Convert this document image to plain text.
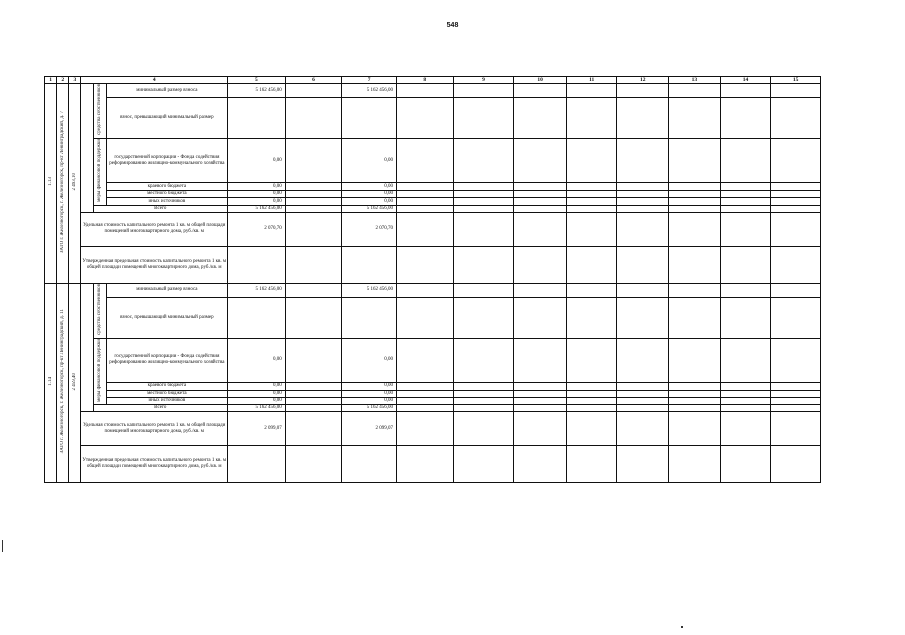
548
1	2	3	4			5	6	7	8	9	10	11	12	13	14	15
1.13	ЗАТО г. Железногорск, г. Железногорск, пр-кт Ленинградский, д. 7	2 493,10		средства собственников	минимальный размер взноса	5 162 456,00		5 162 456,00								
					взнос, превышающий минимальный размер											
				меры финансовой поддержки	государственной корпорации - Фонда содействия реформированию жилищно-коммунального хозяйства	0,00		0,00								
					краевого бюджета	0,00		0,00								
					местного бюджета	0,00		0,00								
					иных источников	0,00		0,00								
				Всего		5 162 456,00		5 162 456,00								
			Удельная стоимость капитального ремонта 1 кв. м общей площади помещений многоквартирного дома, руб./кв. м			2 070,70		2 070,70								
			Утвержденная предельная стоимость капитального ремонта 1 кв. м общей площади помещений многоквартирного дома, руб./кв. м													
1.14	ЗАТО г. Железногорск, г. Железногорск, пр-кт Ленинградский, д. 11	2 459,40		средства собственников	минимальный размер взноса	5 162 456,00		5 162 456,00								
					взнос, превышающий минимальный размер											
				меры финансовой поддержки	государственной корпорации - Фонда содействия реформированию жилищно-коммунального хозяйства	0,00		0,00								
					краевого бюджета	0,00		0,00								
					местного бюджета	0,00		0,00								
					иных источников	0,00		0,00								
				Всего		5 162 456,00		5 162 456,00								
			Удельная стоимость капитального ремонта 1 кв. м общей площади помещений многоквартирного дома, руб./кв. м			2 099,07		2 099,07								
			Утвержденная предельная стоимость капитального ремонта 1 кв. м общей площади помещений многоквартирного дома, руб./кв. м													
